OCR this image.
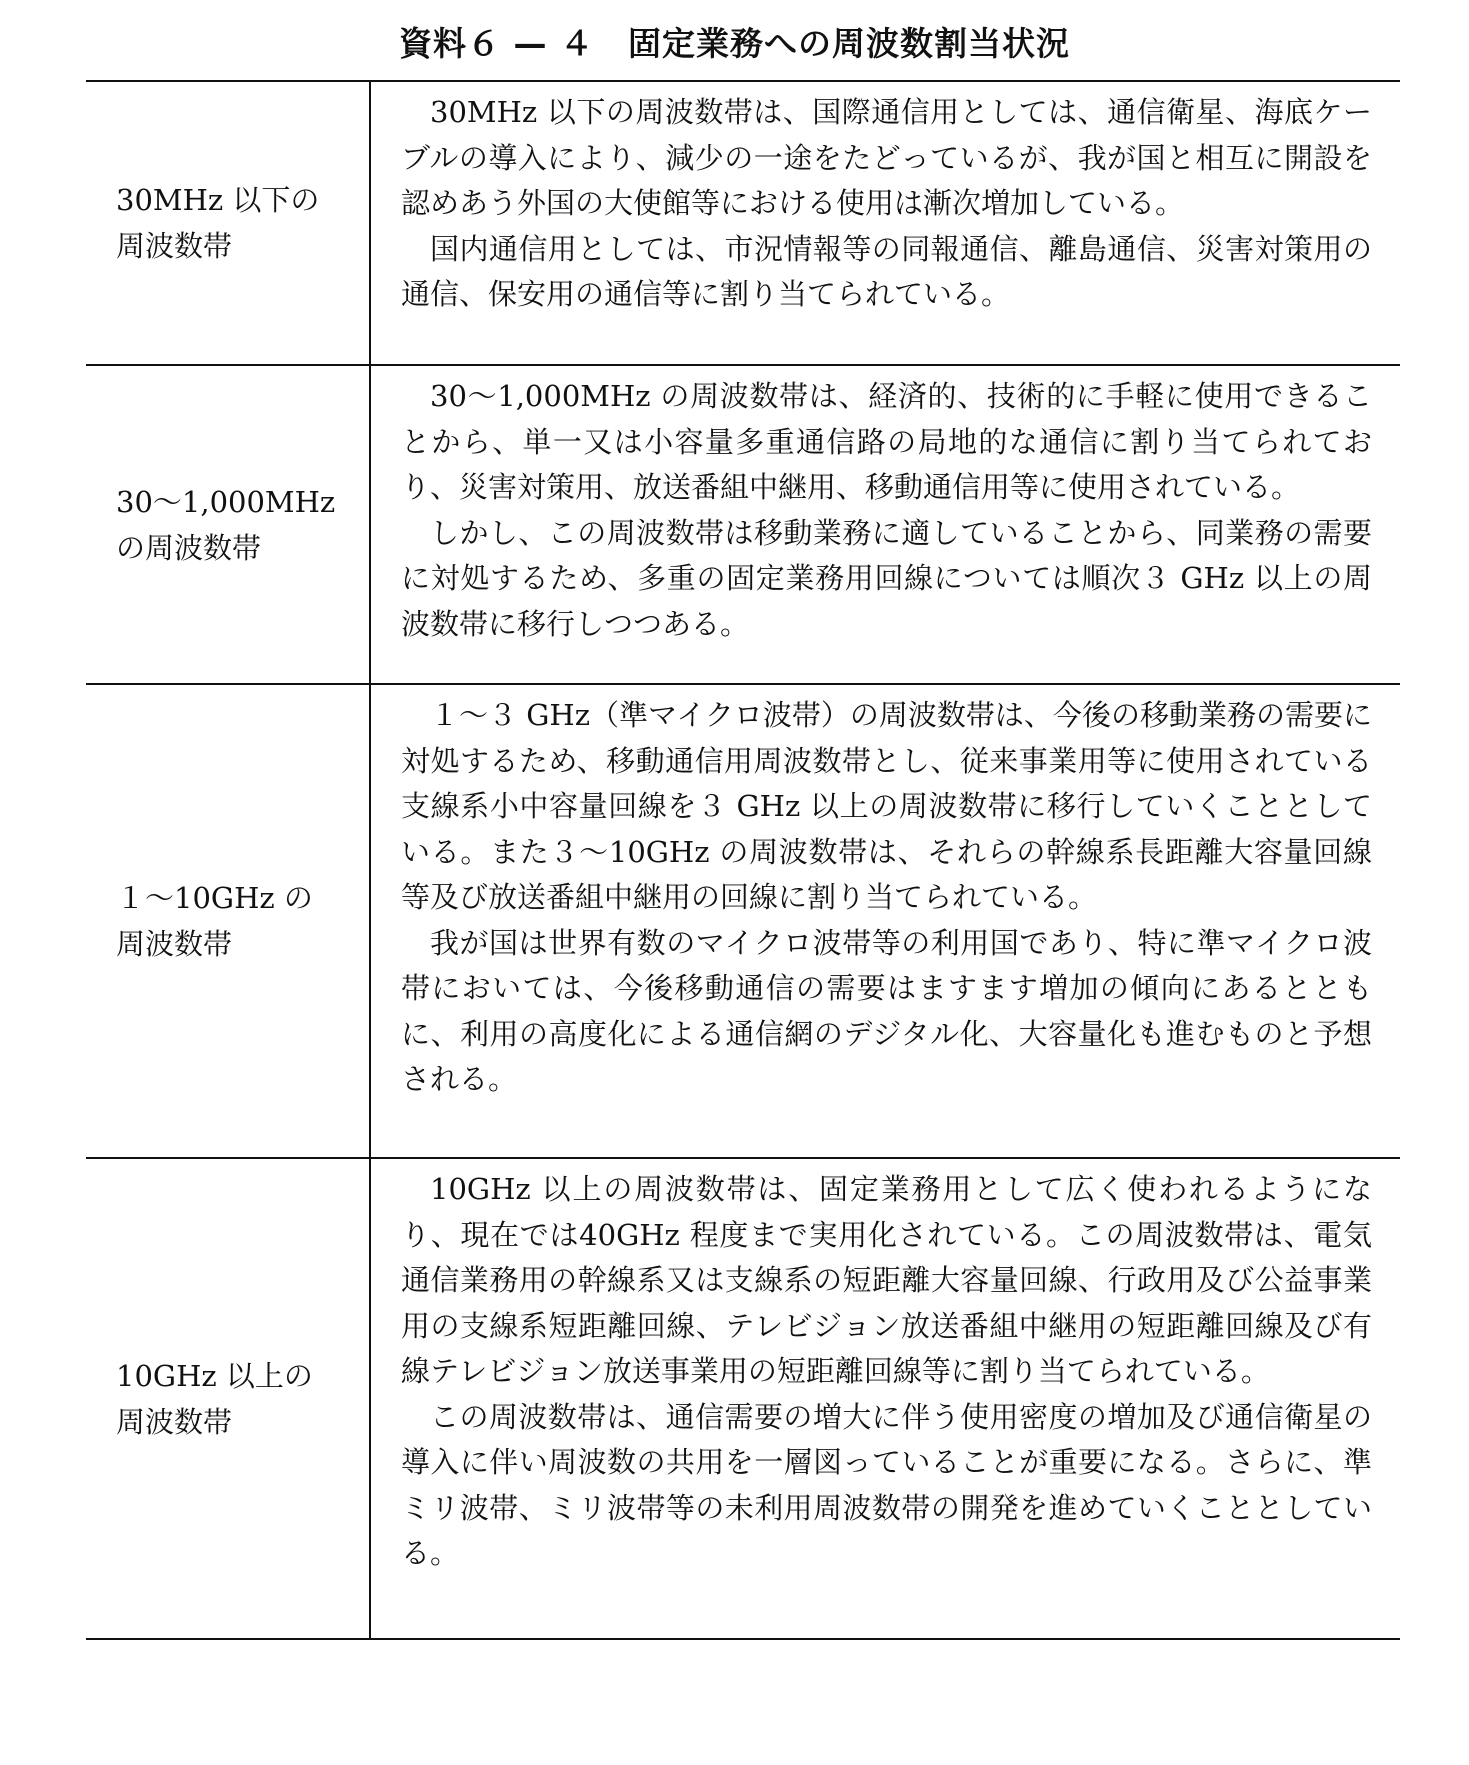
資料６ — ４　固定業務への周波数割当状況
30MHz 以下の
周波数帯

30MHz 以下の周波数帯は、国際通信用としては、通信衛星、海底ケーブルの導入により、減少の一途をたどっているが、我が国と相互に開設を認めあう外国の大使館等における使用は漸次増加している。

国内通信用としては、市況情報等の同報通信、離島通信、災害対策用の通信、保安用の通信等に割り当てられている。

30～1,000MHz
の周波数帯

30～1,000MHz の周波数帯は、経済的、技術的に手軽に使用できることから、単一又は小容量多重通信路の局地的な通信に割り当てられており、災害対策用、放送番組中継用、移動通信用等に使用されている。

しかし、この周波数帯は移動業務に適していることから、同業務の需要に対処するため、多重の固定業務用回線については順次３ GHz 以上の周波数帯に移行しつつある。

１～10GHz の
周波数帯

１～３ GHz（準マイクロ波帯）の周波数帯は、今後の移動業務の需要に対処するため、移動通信用周波数帯とし、従来事業用等に使用されている支線系小中容量回線を３ GHz 以上の周波数帯に移行していくこととしている。また３～10GHz の周波数帯は、それらの幹線系長距離大容量回線等及び放送番組中継用の回線に割り当てられている。

我が国は世界有数のマイクロ波帯等の利用国であり、特に準マイクロ波帯においては、今後移動通信の需要はますます増加の傾向にあるとともに、利用の高度化による通信網のデジタル化、大容量化も進むものと予想される。

10GHz 以上の
周波数帯

10GHz 以上の周波数帯は、固定業務用として広く使われるようになり、現在では40GHz 程度まで実用化されている。この周波数帯は、電気通信業務用の幹線系又は支線系の短距離大容量回線、行政用及び公益事業用の支線系短距離回線、テレビジョン放送番組中継用の短距離回線及び有線テレビジョン放送事業用の短距離回線等に割り当てられている。

この周波数帯は、通信需要の増大に伴う使用密度の増加及び通信衛星の導入に伴い周波数の共用を一層図っていることが重要になる。さらに、準ミリ波帯、ミリ波帯等の未利用周波数帯の開発を進めていくこととしている。
